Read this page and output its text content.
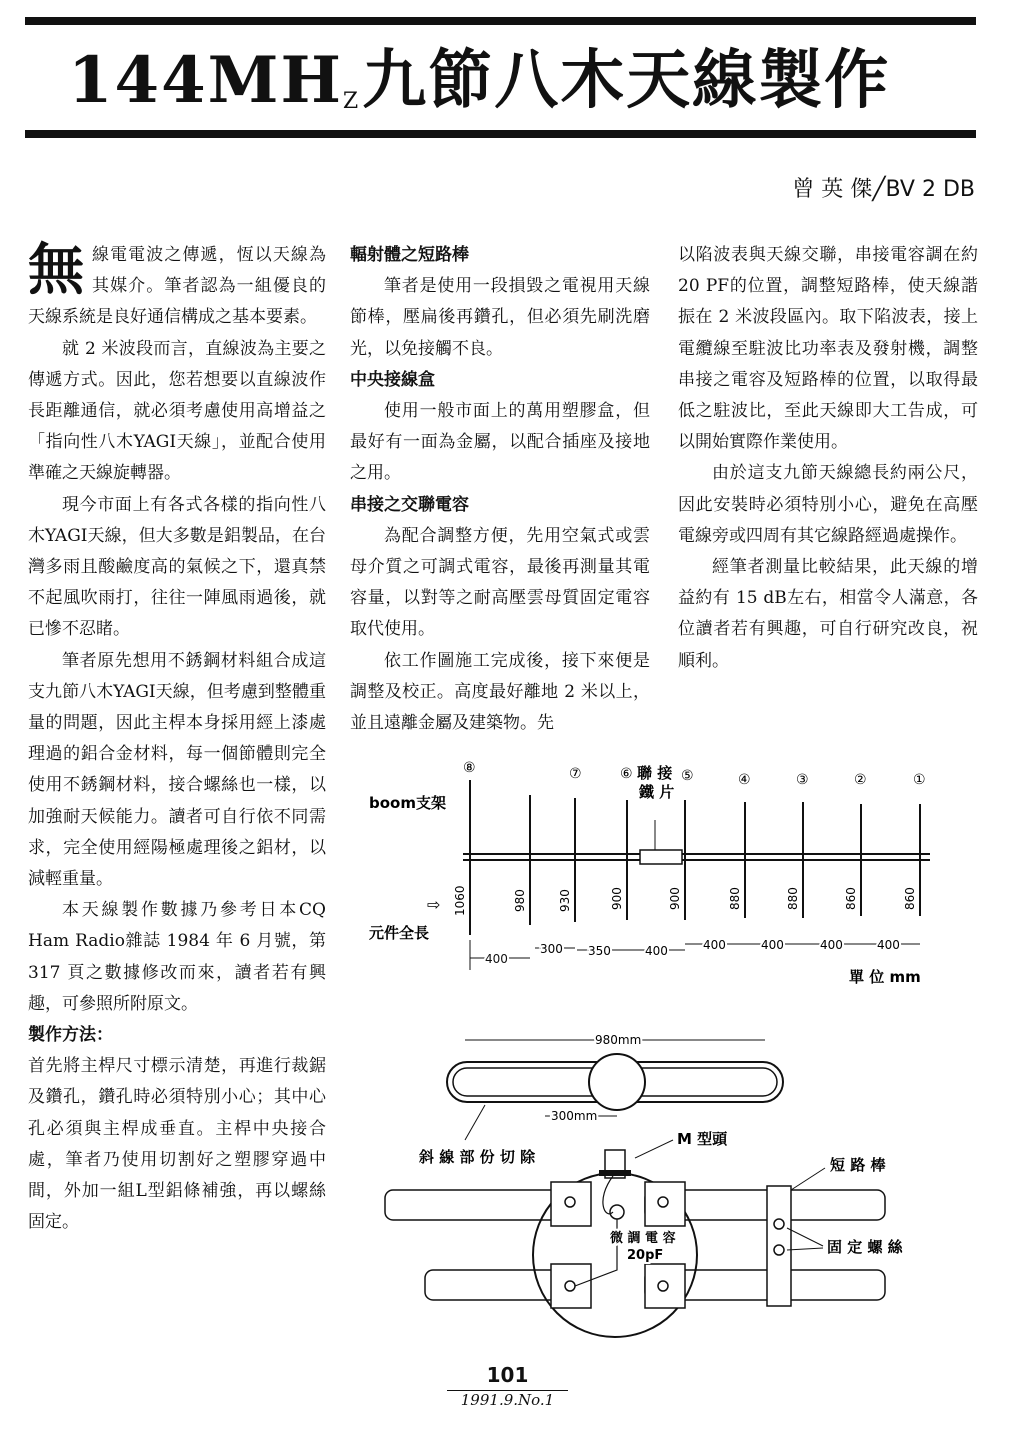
$144MH_Z$九節八木天線製作
曾 英 傑╱BV 2 DB

無線電電波之傳遞，恆以天線為其媒介。筆者認為一組優良的天線系統是良好通信構成之基本要素。

就 2 米波段而言，直線波為主要之傳遞方式。因此，您若想要以直線波作長距離通信，就必須考慮使用高增益之「指向性八木YAGI天線」，並配合使用準確之天線旋轉器。

現今市面上有各式各樣的指向性八木YAGI天線，但大多數是鋁製品，在台灣多雨且酸鹼度高的氣候之下，還真禁不起風吹雨打，往往一陣風雨過後，就已慘不忍睹。

筆者原先想用不銹鋼材料組合成這支九節八木YAGI天線，但考慮到整體重量的問題，因此主桿本身採用經上漆處理過的鋁合金材料，每一個節體則完全使用不銹鋼材料，接合螺絲也一樣，以加強耐天候能力。讀者可自行依不同需求，完全使用經陽極處理後之鋁材，以減輕重量。

本天線製作數據乃參考日本CQ Ham Radio雜誌 1984 年 6 月號，第 317 頁之數據修改而來，讀者若有興趣，可參照所附原文。

製作方法：

首先將主桿尺寸標示清楚，再進行裁鋸及鑽孔，鑽孔時必須特別小心；其中心孔必須與主桿成垂直。主桿中央接合處，筆者乃使用切割好之塑膠穿過中間，外加一組L型鋁條補強，再以螺絲固定。

輻射體之短路棒

筆者是使用一段損毀之電視用天線節棒，壓扁後再鑽孔，但必須先刷洗磨光，以免接觸不良。

中央接線盒

使用一般市面上的萬用塑膠盒，但最好有一面為金屬，以配合插座及接地之用。

串接之交聯電容

為配合調整方便，先用空氣式或雲母介質之可調式電容，最後再測量其電容量，以對等之耐高壓雲母質固定電容取代使用。

依工作圖施工完成後，接下來便是調整及校正。高度最好離地 2 米以上，並且遠離金屬及建築物。先

以陷波表與天線交聯，串接電容調在約 20 PF的位置，調整短路棒，使天線諧振在 2 米波段區內。取下陷波表，接上電纜線至駐波比功率表及發射機，調整串接之電容及短路棒的位置，以取得最低之駐波比，至此天線即大工告成，可以開始實際作業使用。

由於這支九節天線總長約兩公尺，因此安裝時必須特別小心，避免在高壓電線旁或四周有其它線路經過處操作。

經筆者測量比較結果，此天線的增益約有 15 dB左右，相當令人滿意，各位讀者若有興趣，可自行研究改良，祝順利。

⑧	⑦	⑥	⑤	④	③	②	①
聯 接
鐵 片
boom支架
元件全長
⇨ 1060	980	930	900	900	880	880	860	860
400
300 350	400	400	400	400	400
單 位 mm
980mm
300mm
M 型頭
斜 線 部 份 切 除	短 路 棒
固 定 螺 絲
微 調 電 容
20pF
101
1991.9.No.1
